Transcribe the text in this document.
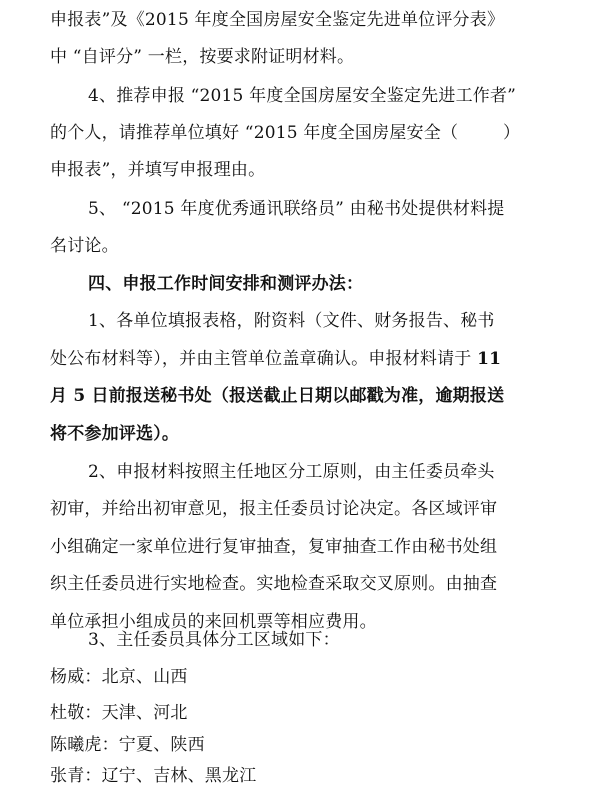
申报表”及《2015 年度全国房屋安全鉴定先进单位评分表》
中 “自评分” 一栏，按要求附证明材料。
4、推荐申报 “2015 年度全国房屋安全鉴定先进工作者”
的个人，请推荐单位填好 “2015 年度全国房屋安全（        ）
申报表”，并填写申报理由。
5、 “2015 年度优秀通讯联络员” 由秘书处提供材料提
名讨论。
四、申报工作时间安排和测评办法：
1、各单位填报表格，附资料（文件、财务报告、秘书
处公布材料等），并由主管单位盖章确认。申报材料请于 11
月 5 日前报送秘书处（报送截止日期以邮戳为准，逾期报送
将不参加评选）。
2、申报材料按照主任地区分工原则，由主任委员牵头
初审，并给出初审意见，报主任委员讨论决定。各区域评审
小组确定一家单位进行复审抽查，复审抽查工作由秘书处组
织主任委员进行实地检查。实地检查采取交叉原则。由抽查
单位承担小组成员的来回机票等相应费用。
3、主任委员具体分工区域如下：
杨威：北京、山西
杜敬：天津、河北
陈曦虎：宁夏、陕西
张青：辽宁、吉林、黑龙江
